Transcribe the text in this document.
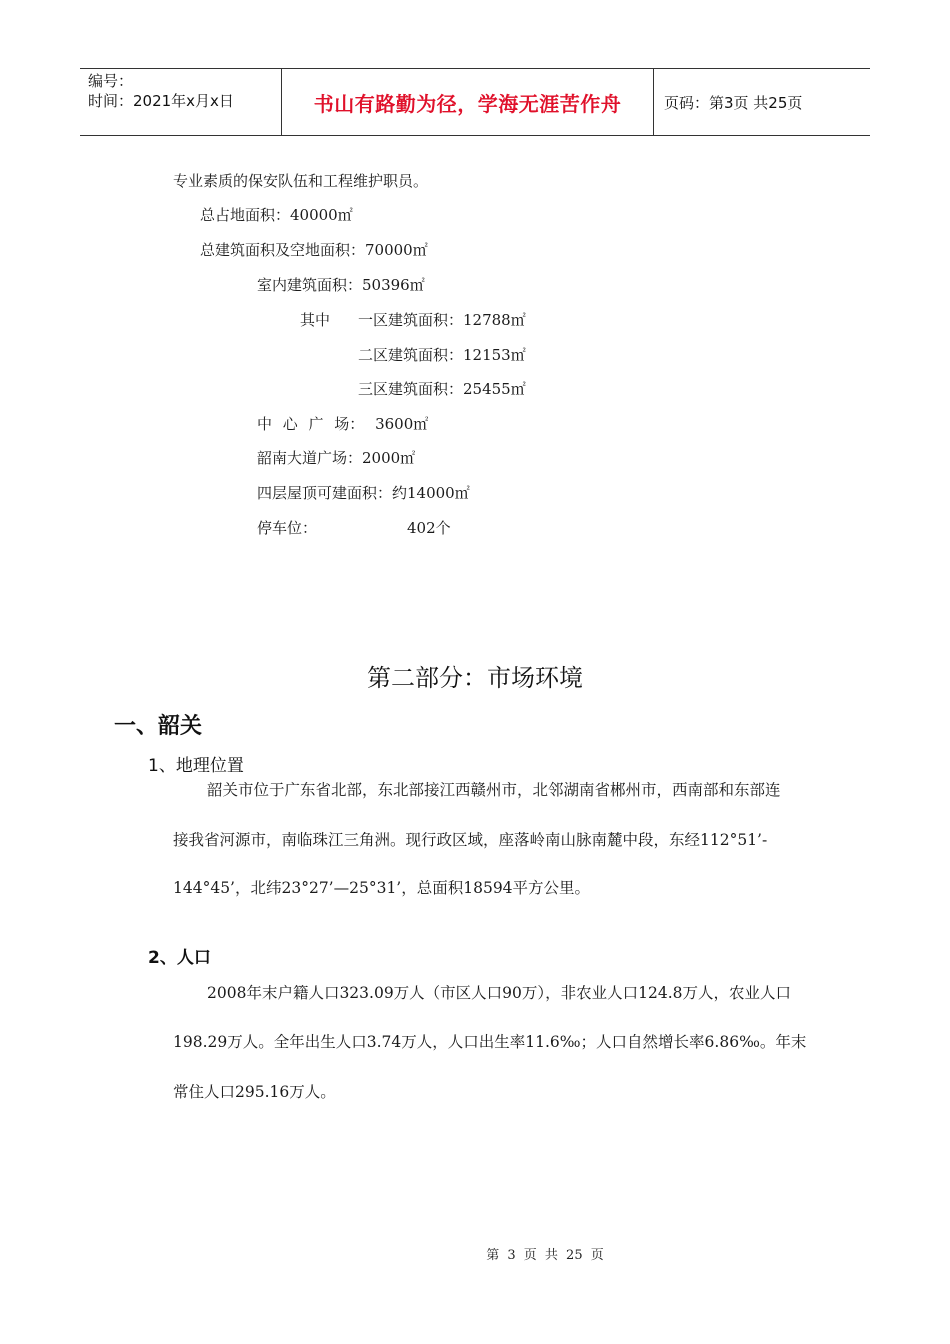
编号：
时间：2021年x月x日	书山有路勤为径，学海无涯苦作舟	页码：第3页 共25页
专业素质的保安队伍和工程维护职员。
总占地面积：40000㎡
总建筑面积及空地面积：70000㎡
室内建筑面积：50396㎡
其中 一区建筑面积：12788㎡
二区建筑面积：12153㎡
三区建筑面积：25455㎡
中 心 广 场： 3600㎡
韶南大道广场：2000㎡
四层屋顶可建面积：约14000㎡
停车位：	402个
第二部分：市场环境
一、韶关
1、地理位置
韶关市位于广东省北部，东北部接江西赣州市，北邻湖南省郴州市，西南部和东部连
接我省河源市，南临珠江三角洲。现行政区域，座落岭南山脉南麓中段，东经112°51’-
144°45’，北纬23°27’—25°31’，总面积18594平方公里。
2、人口
2008年末户籍人口323.09万人（市区人口90万），非农业人口124.8万人，农业人口
198.29万人。全年出生人口3.74万人，人口出生率11.6‰；人口自然增长率6.86‰。年末
常住人口295.16万人。
第 3 页 共 25 页
